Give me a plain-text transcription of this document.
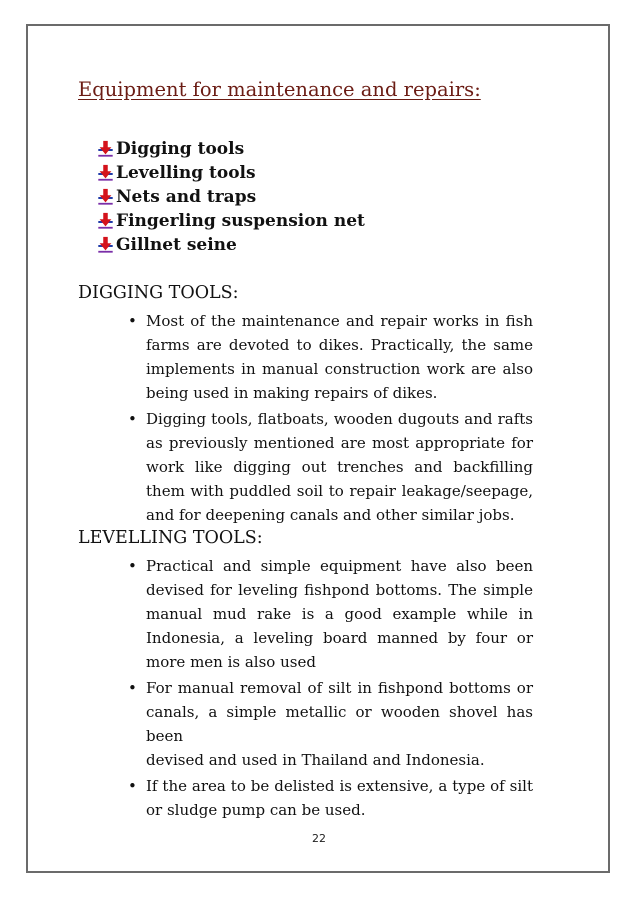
Equipment for maintenance and repairs:
Digging tools
Levelling tools
Nets and traps
Fingerling suspension net
Gillnet seine
DIGGING TOOLS:
• Most of the maintenance and repair works in fish
farms are devoted to dikes. Practically, the same
implements in manual construction work are also
being used in making repairs of dikes.
• Digging tools, flatboats, wooden dugouts and rafts
as previously mentioned are most appropriate for
work like digging out trenches and backfilling
them with puddled soil to repair leakage/seepage,
and for deepening canals and other similar jobs.
LEVELLING TOOLS:
• Practical and simple equipment have also been
devised for leveling fishpond bottoms. The simple
manual mud rake is a good example while in
Indonesia, a leveling board manned by four or
more men is also used
• For manual removal of silt in fishpond bottoms or
canals, a simple metallic or wooden shovel has
been
devised and used in Thailand and Indonesia.
• If the area to be delisted is extensive, a type of silt
or sludge pump can be used.
22
